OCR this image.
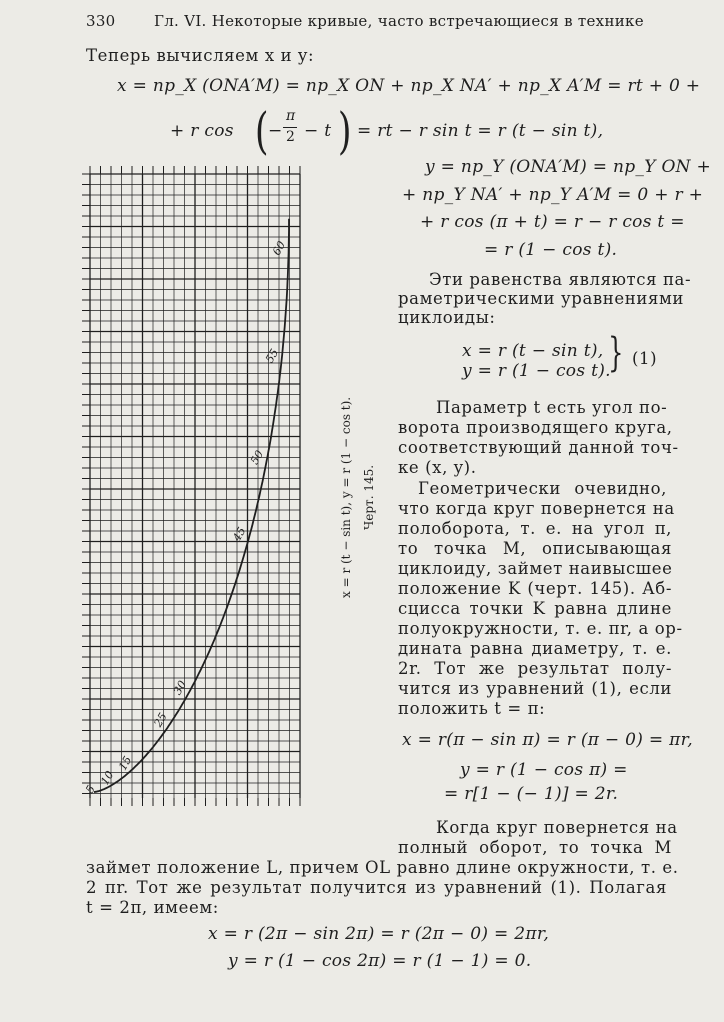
330	Гл. VI. Некоторые кривые, часто встречающиеся в технике
Теперь вычисляем x и y:
x = пр_X (ONA′M) = пр_X ON + пр_X NA′ + пр_X A′M = rt + 0 +
+ r cos ( −
π
2 − t ) = rt − r sin t = r (t − sin t),
y = пр_Y (ONA′M) = пр_Y ON +
+ пр_Y NA′ + пр_Y A′M = 0 + r +
+ r cos (π + t) = r − r cos t =
= r (1 − cos t).
Эти равенства являются па-
раметрическими уравнениями
циклоиды:
x = r (t − sin t),
y = r (1 − cos t).
} (1)
Параметр t есть угол по-
ворота производящего круга,
соответствующий данной точ-
ке (x, y).
Геометрически очевидно,
что когда круг повернется на
полоборота, т. е. на угол π,
то точка M, описывающая
циклоиду, займет наивысшее
положение K (черт. 145). Аб-
сцисса точки K равна длине
полуокружности, т. е. πr, а ор-
дината равна диаметру, т. е.
2r. Тот же результат полу-
чится из уравнений (1), если
положить t = π:
x = r(π − sin π) = r (π − 0) = πr,
y = r (1 − cos π) =
= r[1 − (− 1)] = 2r.
Когда круг повернется на
полный оборот, то точка M
займет положение L, причем OL равно длине окружности, т. е.
2 πr. Тот же результат получится из уравнений (1). Полагая
t = 2π, имеем:
x = r (2π − sin 2π) = r (2π − 0) = 2πr,
y = r (1 − cos 2π) = r (1 − 1) = 0.
55
60
50
45
30
25
15
10
5
x = r (t − sin t), y = r (1 − cos t). Черт. 145.
